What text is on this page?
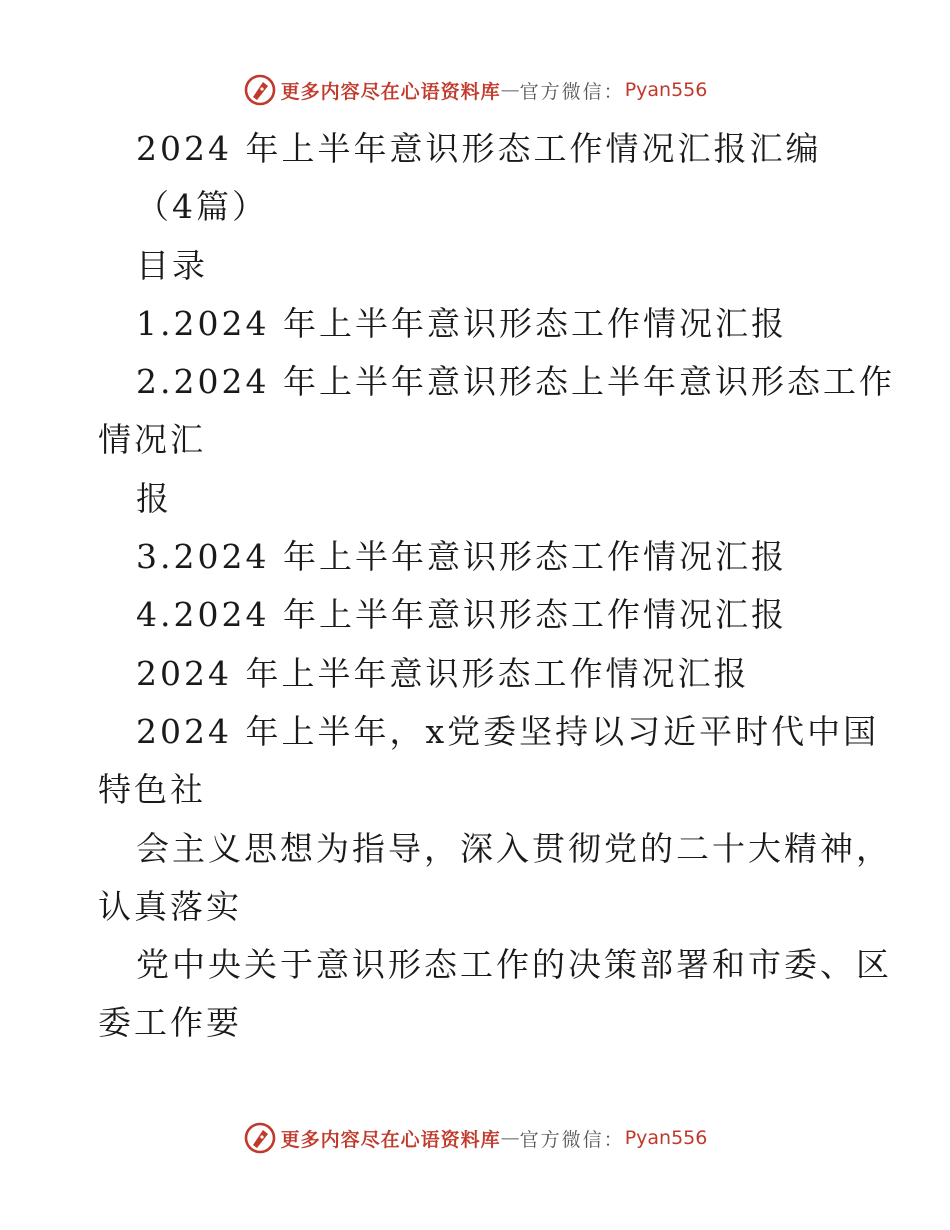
更多内容尽在心语资料库 — 官方微信： Pyan556
2024 年上半年意识形态工作情况汇报汇编
（4篇）
目录
1.2024 年上半年意识形态工作情况汇报
2.2024 年上半年意识形态上半年意识形态工作
情况汇
报
3.2024 年上半年意识形态工作情况汇报
4.2024 年上半年意识形态工作情况汇报
2024 年上半年意识形态工作情况汇报
2024 年上半年，x党委坚持以习近平时代中国
特色社
会主义思想为指导，深入贯彻党的二十大精神，
认真落实
党中央关于意识形态工作的决策部署和市委、区
委工作要
更多内容尽在心语资料库 — 官方微信： Pyan556
